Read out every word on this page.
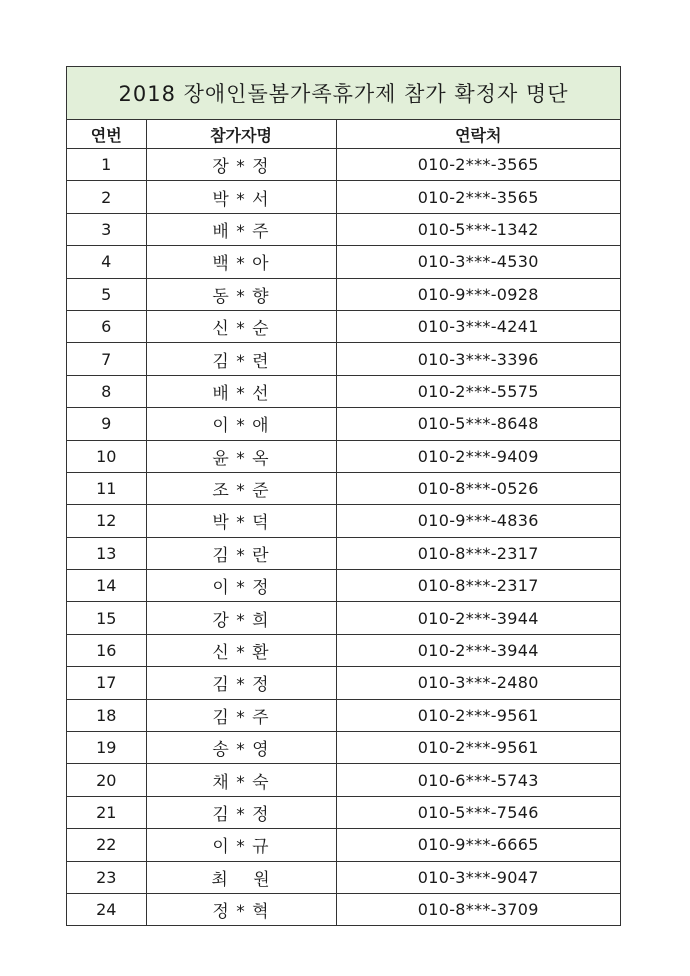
2018 장애인돌봄가족휴가제 참가 확정자 명단
연번	참가자명	연락처
1	장 * 정	010-2***-3565
2	박 * 서	010-2***-3565
3	배 * 주	010-5***-1342
4	백 * 아	010-3***-4530
5	동 * 향	010-9***-0928
6	신 * 순	010-3***-4241
7	김 * 련	010-3***-3396
8	배 * 선	010-2***-5575
9	이 * 애	010-5***-8648
10	윤 * 옥	010-2***-9409
11	조 * 준	010-8***-0526
12	박 * 덕	010-9***-4836
13	김 * 란	010-8***-2317
14	이 * 정	010-8***-2317
15	강 * 희	010-2***-3944
16	신 * 환	010-2***-3944
17	김 * 정	010-3***-2480
18	김 * 주	010-2***-9561
19	송 * 영	010-2***-9561
20	채 * 숙	010-6***-5743
21	김 * 정	010-5***-7546
22	이 * 규	010-9***-6665
23	최　 원	010-3***-9047
24	정 * 혁	010-8***-3709
